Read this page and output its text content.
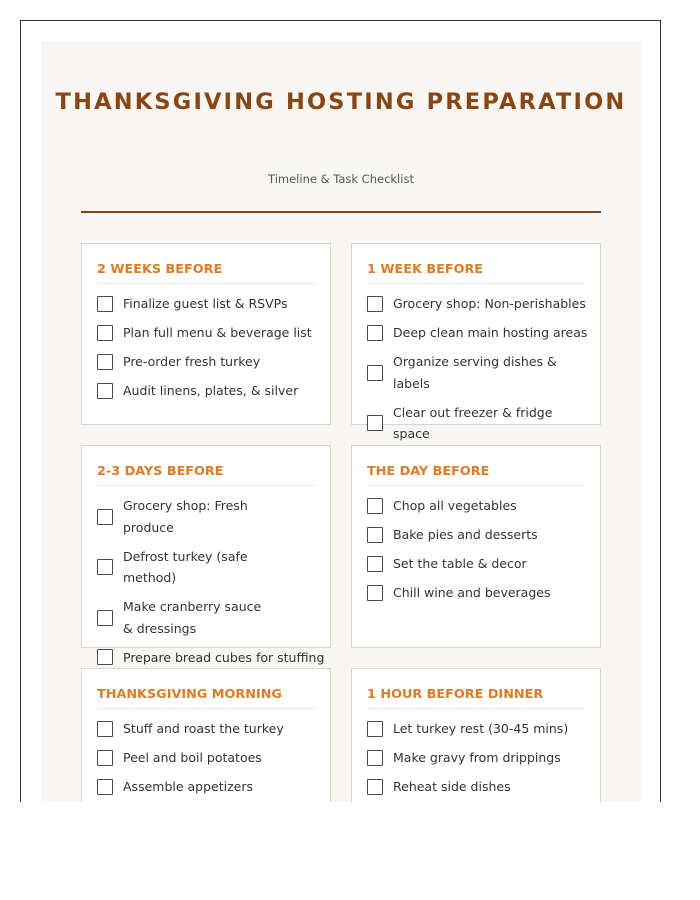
THANKSGIVING HOSTING PREPARATION

Timeline & Task Checklist

2 WEEKS BEFORE
Finalize guest list & RSVPs
Plan full menu & beverage list
Pre-order fresh turkey
Audit linens, plates, & silver
1 WEEK BEFORE
Grocery shop: Non-perishables
Deep clean main hosting areas
Organize serving dishes & labels
Clear out freezer & fridge space
2-3 DAYS BEFORE
Grocery shop: Fresh produce
Defrost turkey (safe method)
Make cranberry sauce & dressings
Prepare bread cubes for stuffing
THE DAY BEFORE
Chop all vegetables
Bake pies and desserts
Set the table & decor
Chill wine and beverages
THANKSGIVING MORNING
Stuff and roast the turkey
Peel and boil potatoes
Assemble appetizers
1 HOUR BEFORE DINNER
Let turkey rest (30-45 mins)
Make gravy from drippings
Reheat side dishes
